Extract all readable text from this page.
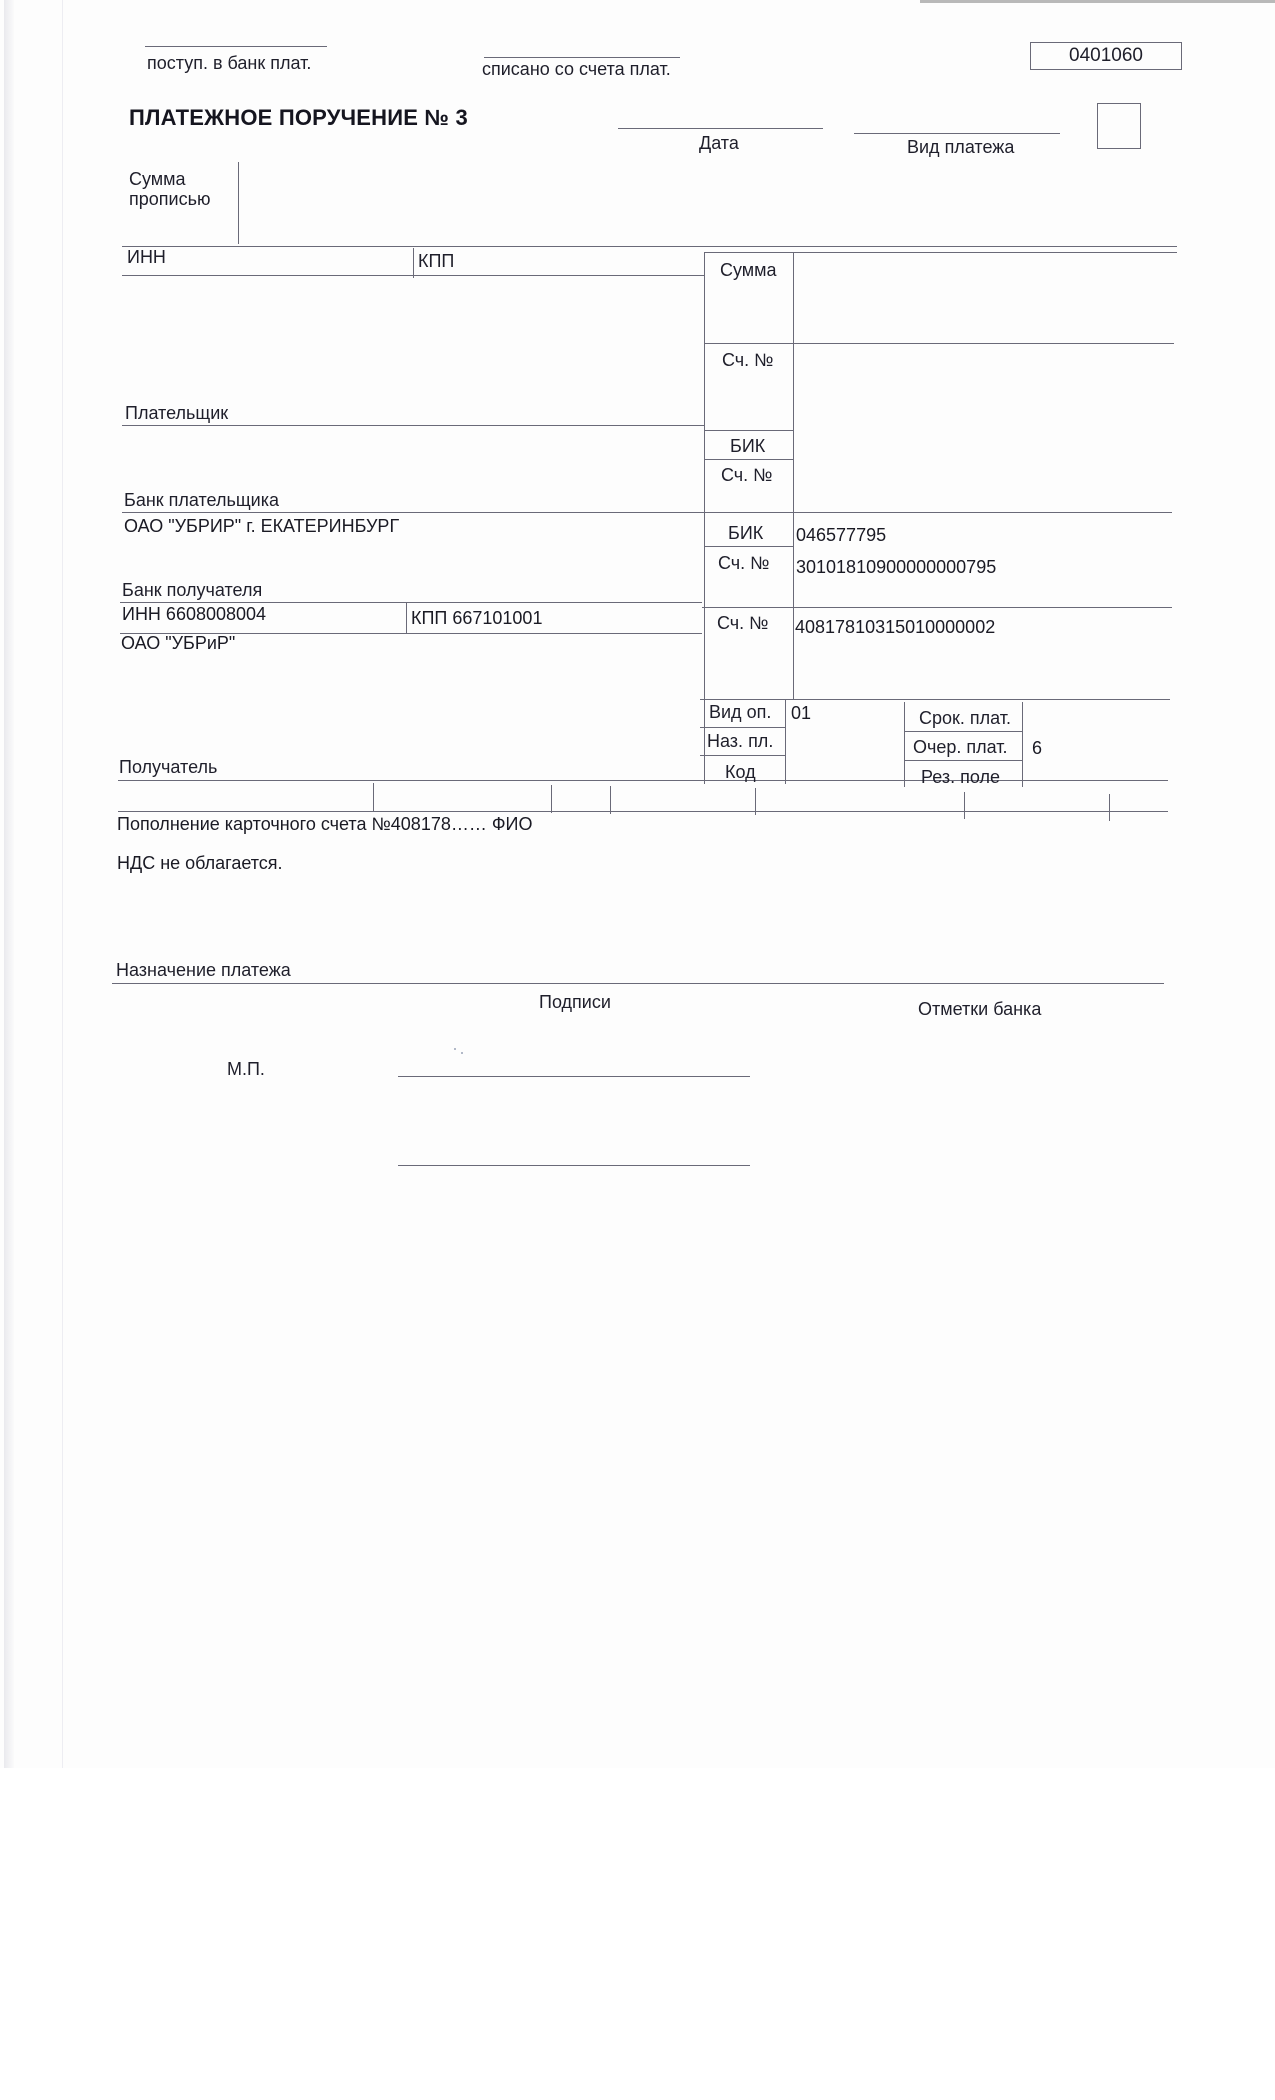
0401060
поступ. в банк плат.	списано со счета плат.
ПЛАТЕЖНОЕ ПОРУЧЕНИЕ № 3
Дата	Вид платежа
Сумма прописью
ИНН	КПП
Плательщик
Банк плательщика
ОАО "УБРИР" г. ЕКАТЕРИНБУРГ
Банк получателя
ИНН 6608008004	КПП 667101001
ОАО "УБРиР"
Получатель
Сумма
Сч. №
БИК
Сч. №
БИК 046577795
Сч. № 30101810900000000795
Сч. № 40817810315010000002
Вид оп. 01
Наз. пл.
Код
Срок. плат.
Очер. плат. 6
Рез. поле
Пополнение карточного счета №408178…… ФИО
НДС не облагается.
Назначение платежа
Подписи	Отметки банка
М.П.
